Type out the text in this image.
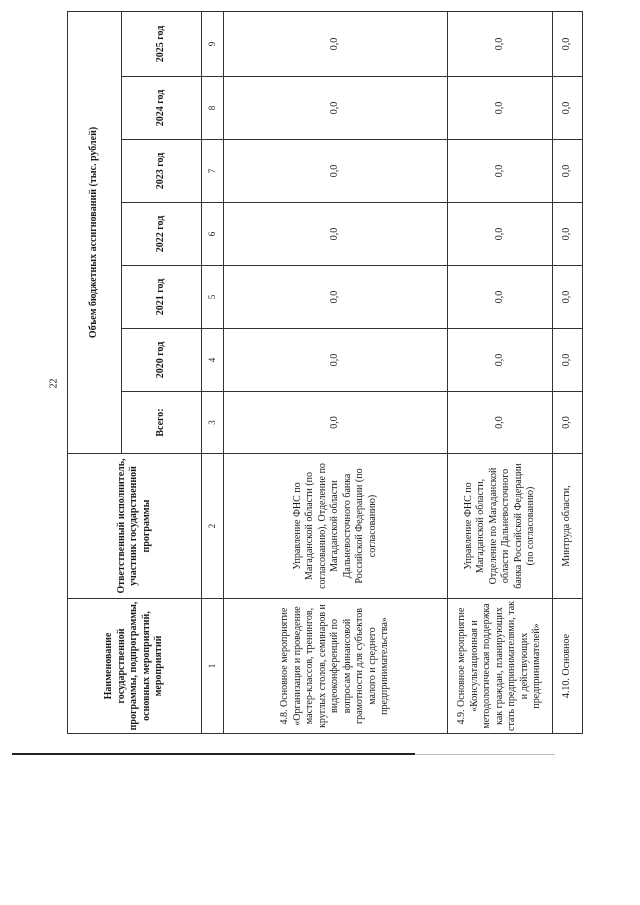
22
Наименование государственной программы, подпрограммы, основных мероприятий, мероприятий	Ответственный исполнитель, участник государственной программы	Объем бюджетных ассигнований (тыс. рублей)						
		Всего:	2020 год	2021 год	2022 год	2023 год	2024 год	2025 год
1	2	3	4	5	6	7	8	9
4.8. Основное мероприятие «Организация и проведение мастер-классов, тренингов, круглых столов, семинаров и видеоконференций по вопросам финансовой грамотности для субъектов малого и среднего предпринимательства»	Управление ФНС по Магаданской области (по согласованию), Отделение по Магаданской области Дальневосточного банка Российской Федерации (по согласованию)	0,0	0,0	0,0	0,0	0,0	0,0	0,0
4.9. Основное мероприятие «Консультационная и методологическая поддержка как граждан, планирующих стать предпринимателями, так и действующих предпринимателей»	Управление ФНС по Магаданской области, Отделение по Магаданской области Дальневосточного банка Российской Федерации (по согласованию)	0,0	0,0	0,0	0,0	0,0	0,0	0,0
4.10. Основное	Минтруда области,	0,0	0,0	0,0	0,0	0,0	0,0	0,0
